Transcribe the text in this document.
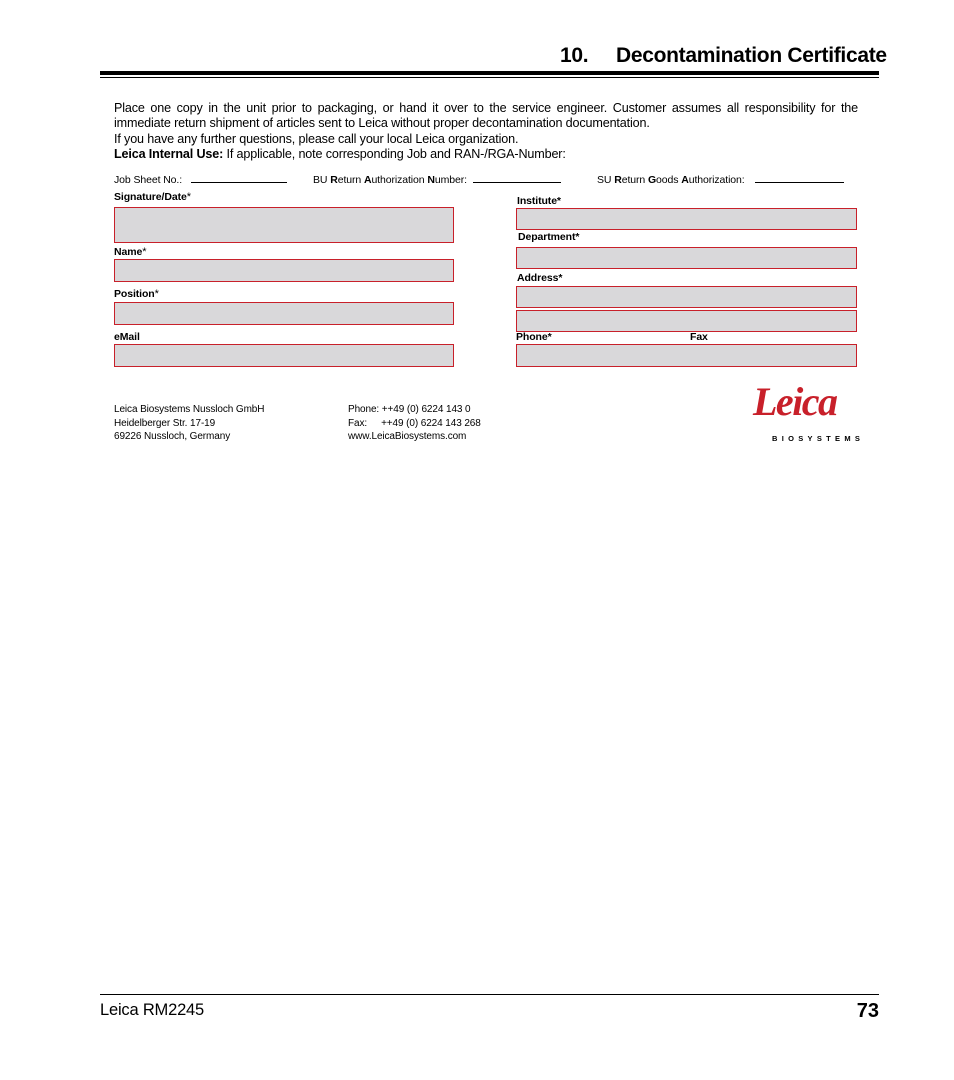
10. Decontamination Certificate

Place one copy in the unit prior to packaging, or hand it over to the service engineer. Customer assumes all responsibility for the immediate return shipment of articles sent to Leica without proper decontamination documentation.

If you have any further questions, please call your local Leica organization.

Leica Internal Use: If applicable, note corresponding Job and RAN-/RGA-Number:

Job Sheet No.:	BU Return Authorization Number:	SU Return Goods Authorization:
Signature/Date*
Name*
Position*
eMail
Institute*
Department*
Address*
Phone*	Fax
Leica Biosystems Nussloch GmbH
Heidelberger Str. 17-19
69226 Nussloch, Germany
Phone: ++49 (0) 6224 143 0
Fax: ++49 (0) 6224 143 268
www.LeicaBiosystems.com
Leica
BIOSYSTEMS
Leica RM2245	73
